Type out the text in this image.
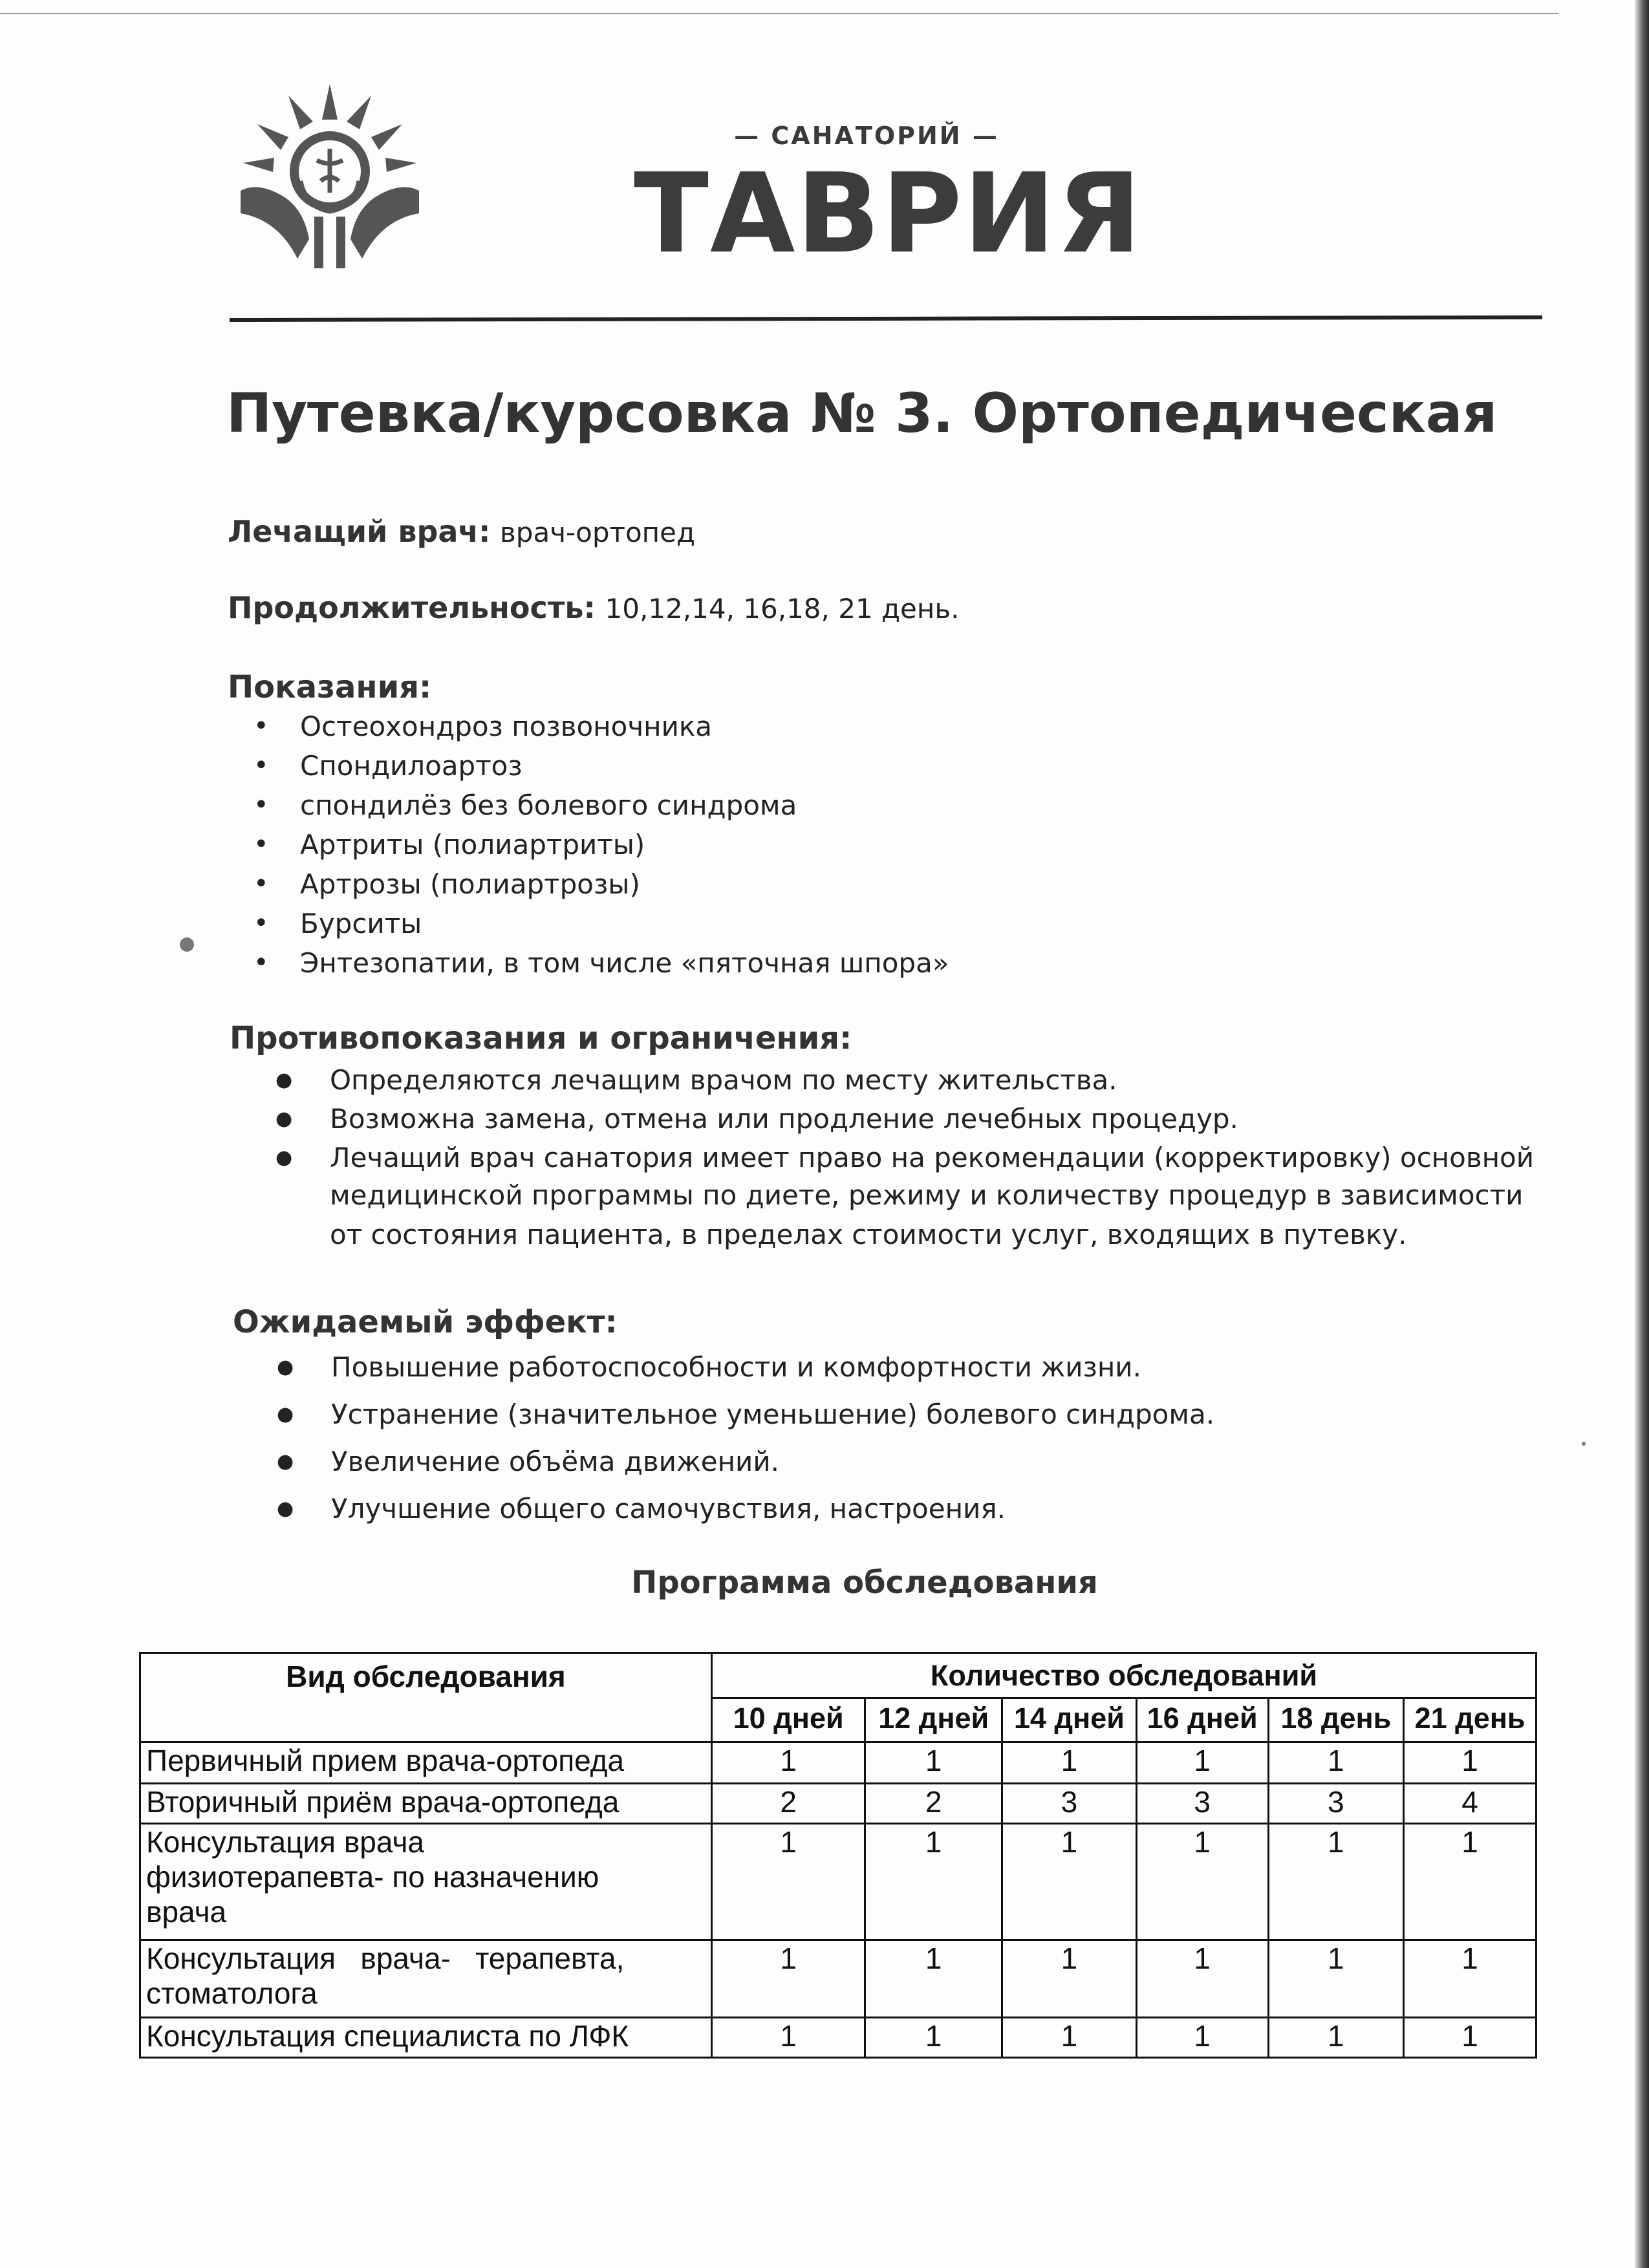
— САНАТОРИЙ —
ТАВРИЯ
Путевка/курсовка № 3. Ортопедическая
Лечащий врач: врач-ортопед
Продолжительность: 10,12,14, 16,18, 21 день.
Показания:
• Остеохондроз позвоночника
• Спондилоартоз
• спондилёз без болевого синдрома
• Артриты (полиартриты)
• Артрозы (полиартрозы)
• Бурситы
• Энтезопатии, в том числе «пяточная шпора»
Противопоказания и ограничения:
● Определяются лечащим врачом по месту жительства.
● Возможна замена, отмена или продление лечебных процедур.
● Лечащий врач санатория имеет право на рекомендации (корректировку) основной
медицинской программы по диете, режиму и количеству процедур в зависимости
от состояния пациента, в пределах стоимости услуг, входящих в путевку.
Ожидаемый эффект:
● Повышение работоспособности и комфортности жизни.
● Устранение (значительное уменьшение) болевого синдрома.
● Увеличение объёма движений.
● Улучшение общего самочувствия, настроения.
Программа обследования
Вид обследования	Количество обследований					
	10 дней	12 дней	14 дней	16 дней	18 день	21 день
Первичный прием врача-ортопеда	1	1	1	1	1	1
Вторичный приём врача-ортопеда	2	2	3	3	3	4

Консультация врача
физиотерапевта- по назначению
врача	1	1	1	1	1	1

Консультация   врача-   терапевта,
стоматолога	1	1	1	1	1	1
Консультация специалиста по ЛФК	1	1	1	1	1	1
